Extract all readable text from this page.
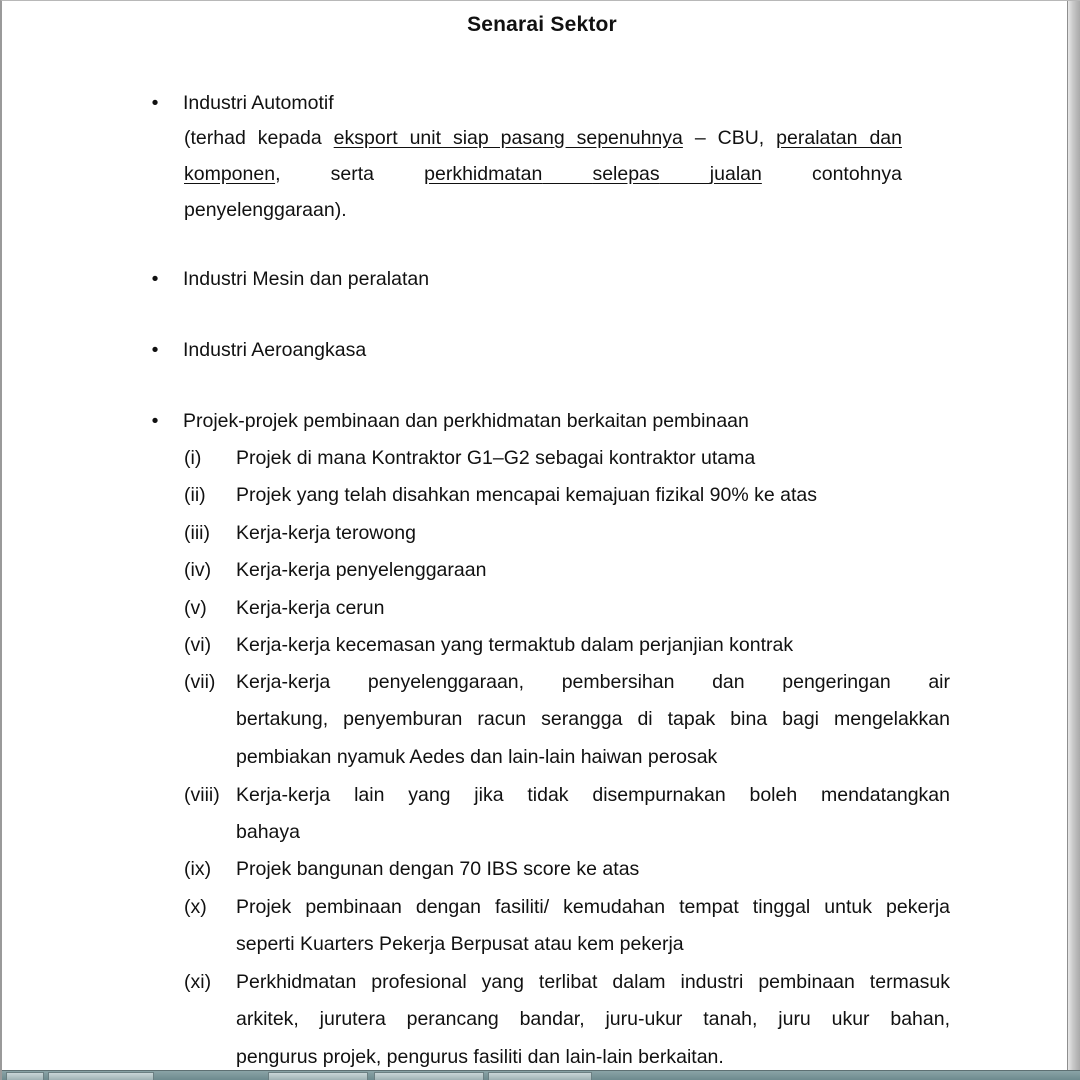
Senarai Sektor
• Industri Automotif
(terhad kepada eksport unit siap pasang sepenuhnya – CBU, peralatan dan
komponen,	serta	perkhidmatan	selepas	jualan	contohnya
penyelenggaraan).
• Industri Mesin dan peralatan
• Industri Aeroangkasa
• Projek-projek pembinaan dan perkhidmatan berkaitan pembinaan
(i)	Projek di mana Kontraktor G1–G2 sebagai kontraktor utama
(ii)	Projek yang telah disahkan mencapai kemajuan fizikal 90% ke atas
(iii)	Kerja-kerja terowong
(iv)	Kerja-kerja penyelenggaraan
(v)	Kerja-kerja cerun
(vi)	Kerja-kerja kecemasan yang termaktub dalam perjanjian kontrak
(vii)	Kerja-kerja penyelenggaraan, pembersihan dan pengeringan air
bertakung, penyemburan racun serangga di tapak bina bagi mengelakkan
pembiakan nyamuk Aedes dan lain-lain haiwan perosak
(viii) Kerja-kerja lain yang jika tidak disempurnakan boleh mendatangkan
bahaya
(ix)	Projek bangunan dengan 70 IBS score ke atas
(x)	Projek pembinaan dengan fasiliti/ kemudahan tempat tinggal untuk pekerja
seperti Kuarters Pekerja Berpusat atau kem pekerja
(xi)	Perkhidmatan profesional yang terlibat dalam industri pembinaan termasuk
arkitek, jurutera perancang bandar, juru-ukur tanah, juru ukur bahan,
pengurus projek, pengurus fasiliti dan lain-lain berkaitan.
